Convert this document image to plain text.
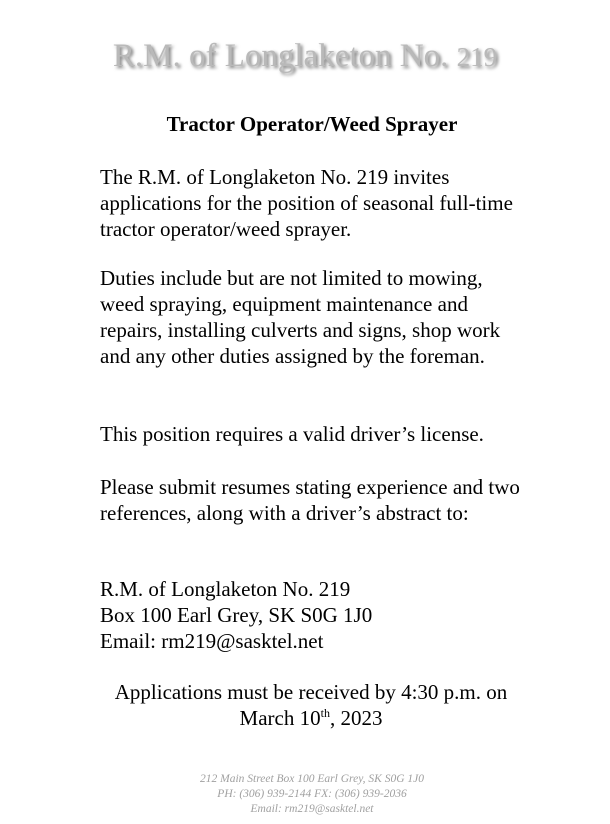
R.M. of Longlaketon No. 219
Tractor Operator/Weed Sprayer
The R.M. of Longlaketon No. 219 invites applications for the position of seasonal full-time tractor operator/weed sprayer.
Duties include but are not limited to mowing, weed spraying, equipment maintenance and repairs, installing culverts and signs, shop work and any other duties assigned by the foreman.
This position requires a valid driver’s license.
Please submit resumes stating experience and two references, along with a driver’s abstract to:
R.M. of Longlaketon No. 219
Box 100 Earl Grey, SK S0G 1J0
Email: rm219@sasktel.net
Applications must be received by 4:30 p.m. on
March 10th, 2023
212 Main Street Box 100 Earl Grey, SK S0G 1J0
PH: (306) 939-2144 FX: (306) 939-2036
Email: rm219@sasktel.net
